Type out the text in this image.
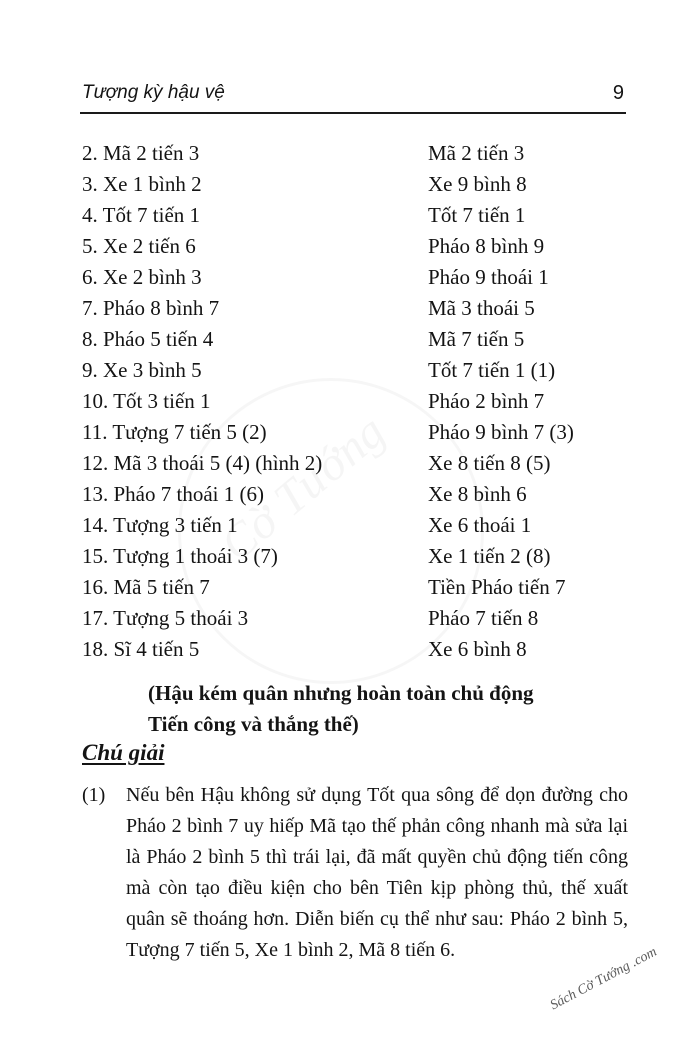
Tượng kỳ hậu vệ	9
2. Mã 2 tiến 3	Mã 2 tiến 3
3. Xe 1 bình 2	Xe 9 bình 8
4. Tốt 7 tiến 1	Tốt 7 tiến 1
5. Xe 2 tiến 6	Pháo 8 bình 9
6. Xe 2 bình 3	Pháo 9 thoái 1
7. Pháo 8 bình 7	Mã 3 thoái 5
8. Pháo 5 tiến 4	Mã 7 tiến 5
9. Xe 3 bình 5	Tốt 7 tiến 1 (1)
10. Tốt 3 tiến 1	Pháo 2 bình 7
11. Tượng 7 tiến 5 (2)	Pháo 9 bình 7 (3)
12. Mã 3 thoái 5 (4) (hình 2)	Xe 8 tiến 8 (5)
13. Pháo 7 thoái 1 (6)	Xe 8 bình 6
14. Tượng 3 tiến 1	Xe 6 thoái 1
15. Tượng 1 thoái 3 (7)	Xe 1 tiến 2 (8)
16. Mã 5 tiến 7	Tiền Pháo tiến 7
17. Tượng 5 thoái 3	Pháo 7 tiến 8
18. Sĩ 4 tiến 5	Xe 6 bình 8
(Hậu kém quân nhưng hoàn toàn chủ động
Tiến công và thắng thế)
Chú giải
(1) Nếu bên Hậu không sử dụng Tốt qua sông để dọn đường cho Pháo 2 bình 7 uy hiếp Mã tạo thế phản công nhanh mà sửa lại là Pháo 2 bình 5 thì trái lại, đã mất quyền chủ động tiến công mà còn tạo điều kiện cho bên Tiên kịp phòng thủ, thế xuất quân sẽ thoáng hơn. Diễn biến cụ thể như sau: Pháo 2 bình 5, Tượng 7 tiến 5, Xe 1 bình 2, Mã 8 tiến 6.	Sách Cờ Tướng .com
